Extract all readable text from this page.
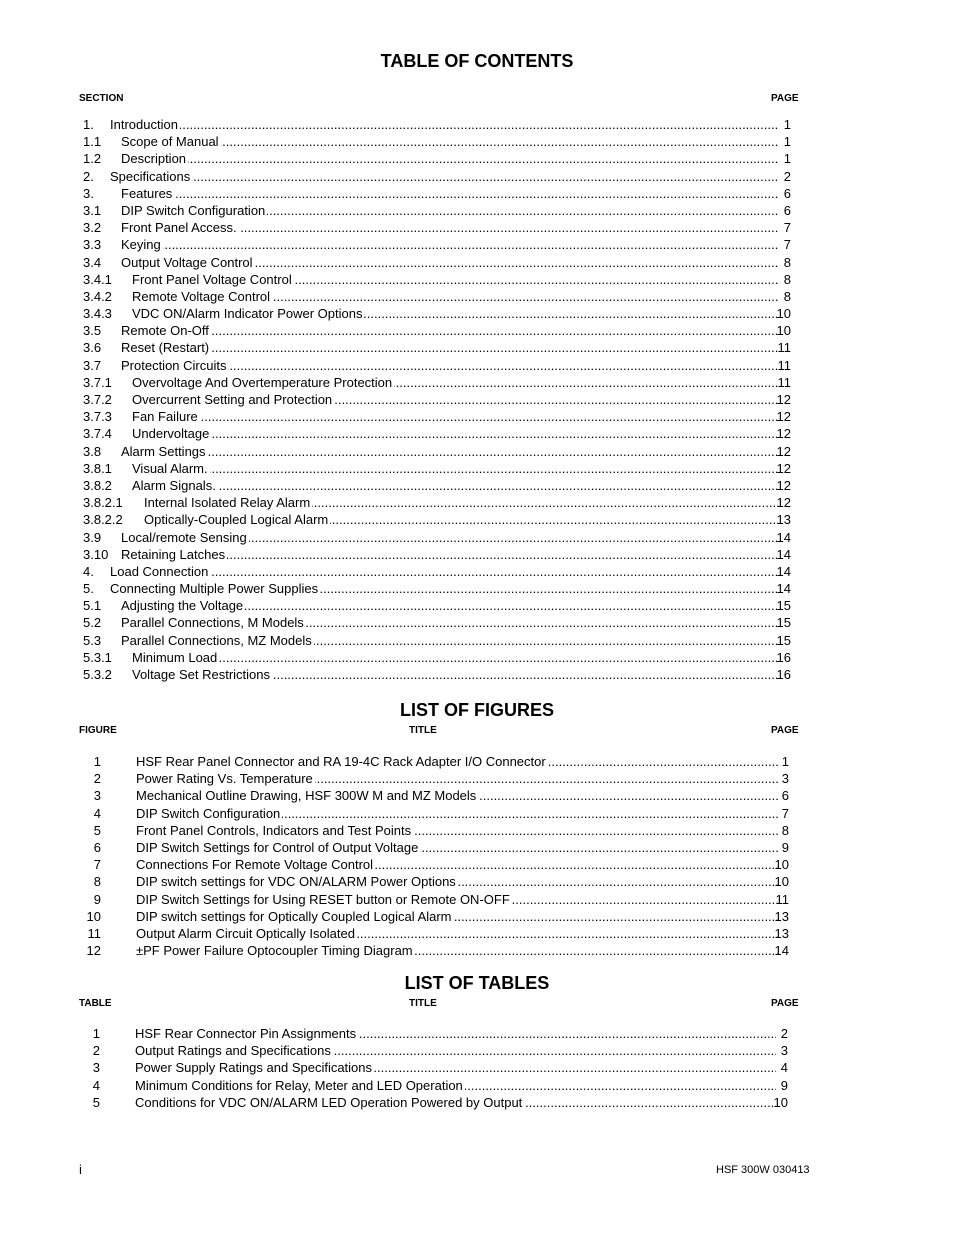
TABLE OF CONTENTS
SECTION	PAGE
1. ..... Introduction	1
1.1 ..... Scope of Manual	1
1.2 ..... Description	1
2. ..... Specifications	2
3. ..... Features	6
3.1 ..... DIP Switch Configuration	6
3.2 ..... Front Panel Access.	7
3.3 ..... Keying	7
3.4 ..... Output Voltage Control	8
3.4.1 ..... Front Panel Voltage Control	8
3.4.2 ..... Remote Voltage Control	8
3.4.3 ..... VDC ON/Alarm Indicator Power Options	10
3.5 ..... Remote On-Off	10
3.6 ..... Reset (Restart)	11
3.7 ..... Protection Circuits	11
3.7.1 ..... Overvoltage And Overtemperature Protection	11
3.7.2 ..... Overcurrent Setting and Protection	12
3.7.3 ..... Fan Failure	12
3.7.4 ..... Undervoltage	12
3.8 ..... Alarm Settings	12
3.8.1 ..... Visual Alarm.	12
3.8.2 ..... Alarm Signals.	12
3.8.2.1 ..... Internal Isolated Relay Alarm	12
3.8.2.2 ..... Optically-Coupled Logical Alarm	13
3.9 ..... Local/remote Sensing	14
3.10 ..... Retaining Latches	14
4. ..... Load Connection	14
5. ..... Connecting Multiple Power Supplies	14
5.1 ..... Adjusting the Voltage	15
5.2 ..... Parallel Connections, M Models	15
5.3 ..... Parallel Connections, MZ Models	15
5.3.1 ..... Minimum Load	16
5.3.2 ..... Voltage Set Restrictions	16
LIST OF FIGURES
FIGURE	TITLE	PAGE
1 .....	HSF Rear Panel Connector and RA 19-4C Rack Adapter I/O Connector	1
2 .....	Power Rating Vs. Temperature	3
3 .....	Mechanical Outline Drawing, HSF 300W M and MZ Models	6
4 .....	DIP Switch Configuration	7
5 .....	Front Panel Controls, Indicators and Test Points	8
6 .....	DIP Switch Settings for Control of Output Voltage	9
7 .....	Connections For Remote Voltage Control	10
8 .....	DIP switch settings for VDC ON/ALARM Power Options	10
9 .....	DIP Switch Settings for Using RESET button or Remote ON-OFF	11
10 .....	DIP switch settings for Optically Coupled Logical Alarm	13
11 .....	Output Alarm Circuit Optically Isolated	13
12 .....	±PF Power Failure Optocoupler Timing Diagram	14
LIST OF TABLES
TABLE	TITLE	PAGE
1 .....	HSF Rear Connector Pin Assignments	2
2 .....	Output Ratings and Specifications	3
3 .....	Power Supply Ratings and Specifications	4
4 .....	Minimum Conditions for Relay, Meter and LED Operation	9
5 .....	Conditions for VDC ON/ALARM LED Operation Powered by Output	10
i	HSF 300W 030413
